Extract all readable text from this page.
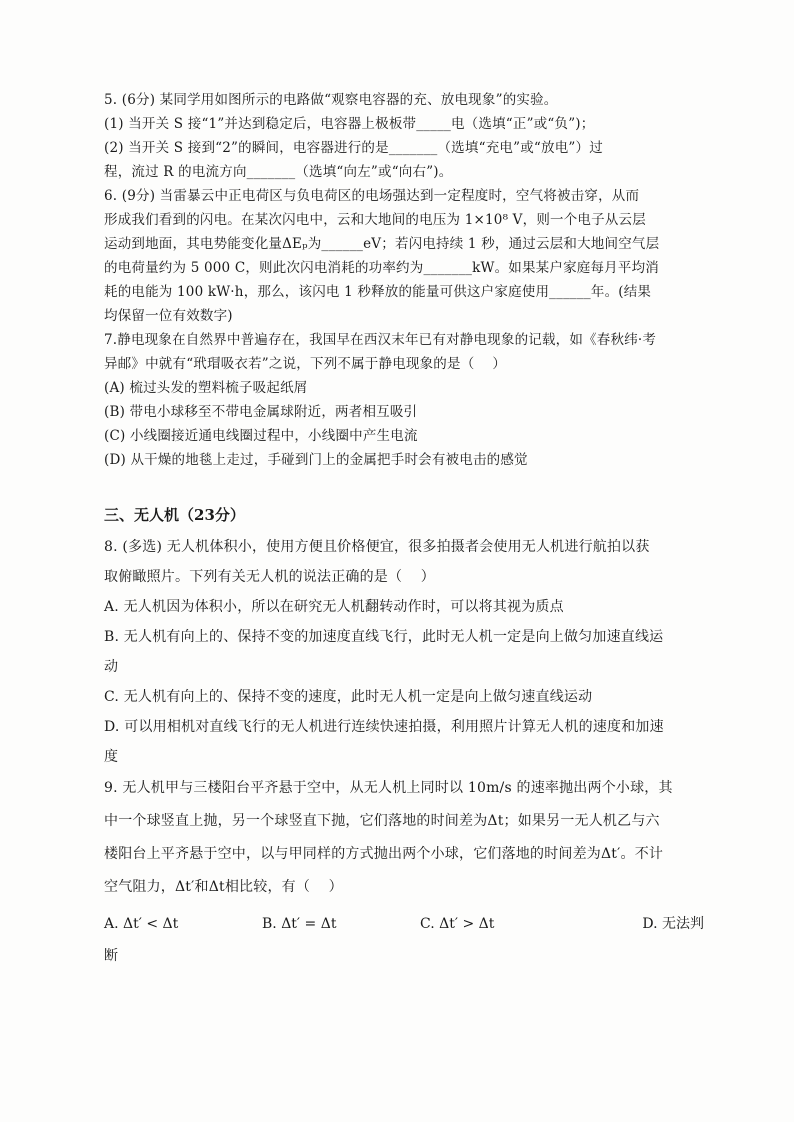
5. (6分) 某同学用如图所示的电路做“观察电容器的充、放电现象”的实验。

(1) 当开关 S 接“1”并达到稳定后，电容器上极板带_____电（选填“正”或“负”)；

(2) 当开关 S 接到“2”的瞬间，电容器进行的是_______（选填“充电”或“放电”）过

程，流过 R 的电流方向_______（选填“向左”或“向右”)。

6. (9分) 当雷暴云中正电荷区与负电荷区的电场强达到一定程度时，空气将被击穿，从而

形成我们看到的闪电。在某次闪电中，云和大地间的电压为 1×10⁸ V，则一个电子从云层

运动到地面，其电势能变化量ΔEₚ为______eV；若闪电持续 1 秒，通过云层和大地间空气层

的电荷量约为 5 000 C，则此次闪电消耗的功率约为_______kW。如果某户家庭每月平均消

耗的电能为 100 kW·h，那么，该闪电 1 秒释放的能量可供这户家庭使用______年。(结果

均保留一位有效数字)

7.静电现象在自然界中普遍存在，我国早在西汉末年已有对静电现象的记载，如《春秋纬·考

异邮》中就有“玳瑁吸衣若”之说，下列不属于静电现象的是（    ）

(A) 梳过头发的塑料梳子吸起纸屑

(B) 带电小球移至不带电金属球附近，两者相互吸引

(C) 小线圈接近通电线圈过程中，小线圈中产生电流

(D) 从干燥的地毯上走过，手碰到门上的金属把手时会有被电击的感觉

三、无人机（23分）

8. (多选) 无人机体积小，使用方便且价格便宜，很多拍摄者会使用无人机进行航拍以获

取俯瞰照片。下列有关无人机的说法正确的是（    ）

A. 无人机因为体积小，所以在研究无人机翻转动作时，可以将其视为质点

B. 无人机有向上的、保持不变的加速度直线飞行，此时无人机一定是向上做匀加速直线运

动

C. 无人机有向上的、保持不变的速度，此时无人机一定是向上做匀速直线运动

D. 可以用相机对直线飞行的无人机进行连续快速拍摄，利用照片计算无人机的速度和加速

度

9. 无人机甲与三楼阳台平齐悬于空中，从无人机上同时以 10m/s 的速率抛出两个小球，其

中一个球竖直上抛，另一个球竖直下抛，它们落地的时间差为Δt；如果另一无人机乙与六

楼阳台上平齐悬于空中，以与甲同样的方式抛出两个小球，它们落地的时间差为Δt′。不计

空气阻力，Δt′和Δt相比较，有（    ）

A. Δt′ < Δt	B. Δt′ = Δt	C. Δt′ > Δt	D. 无法判

断
